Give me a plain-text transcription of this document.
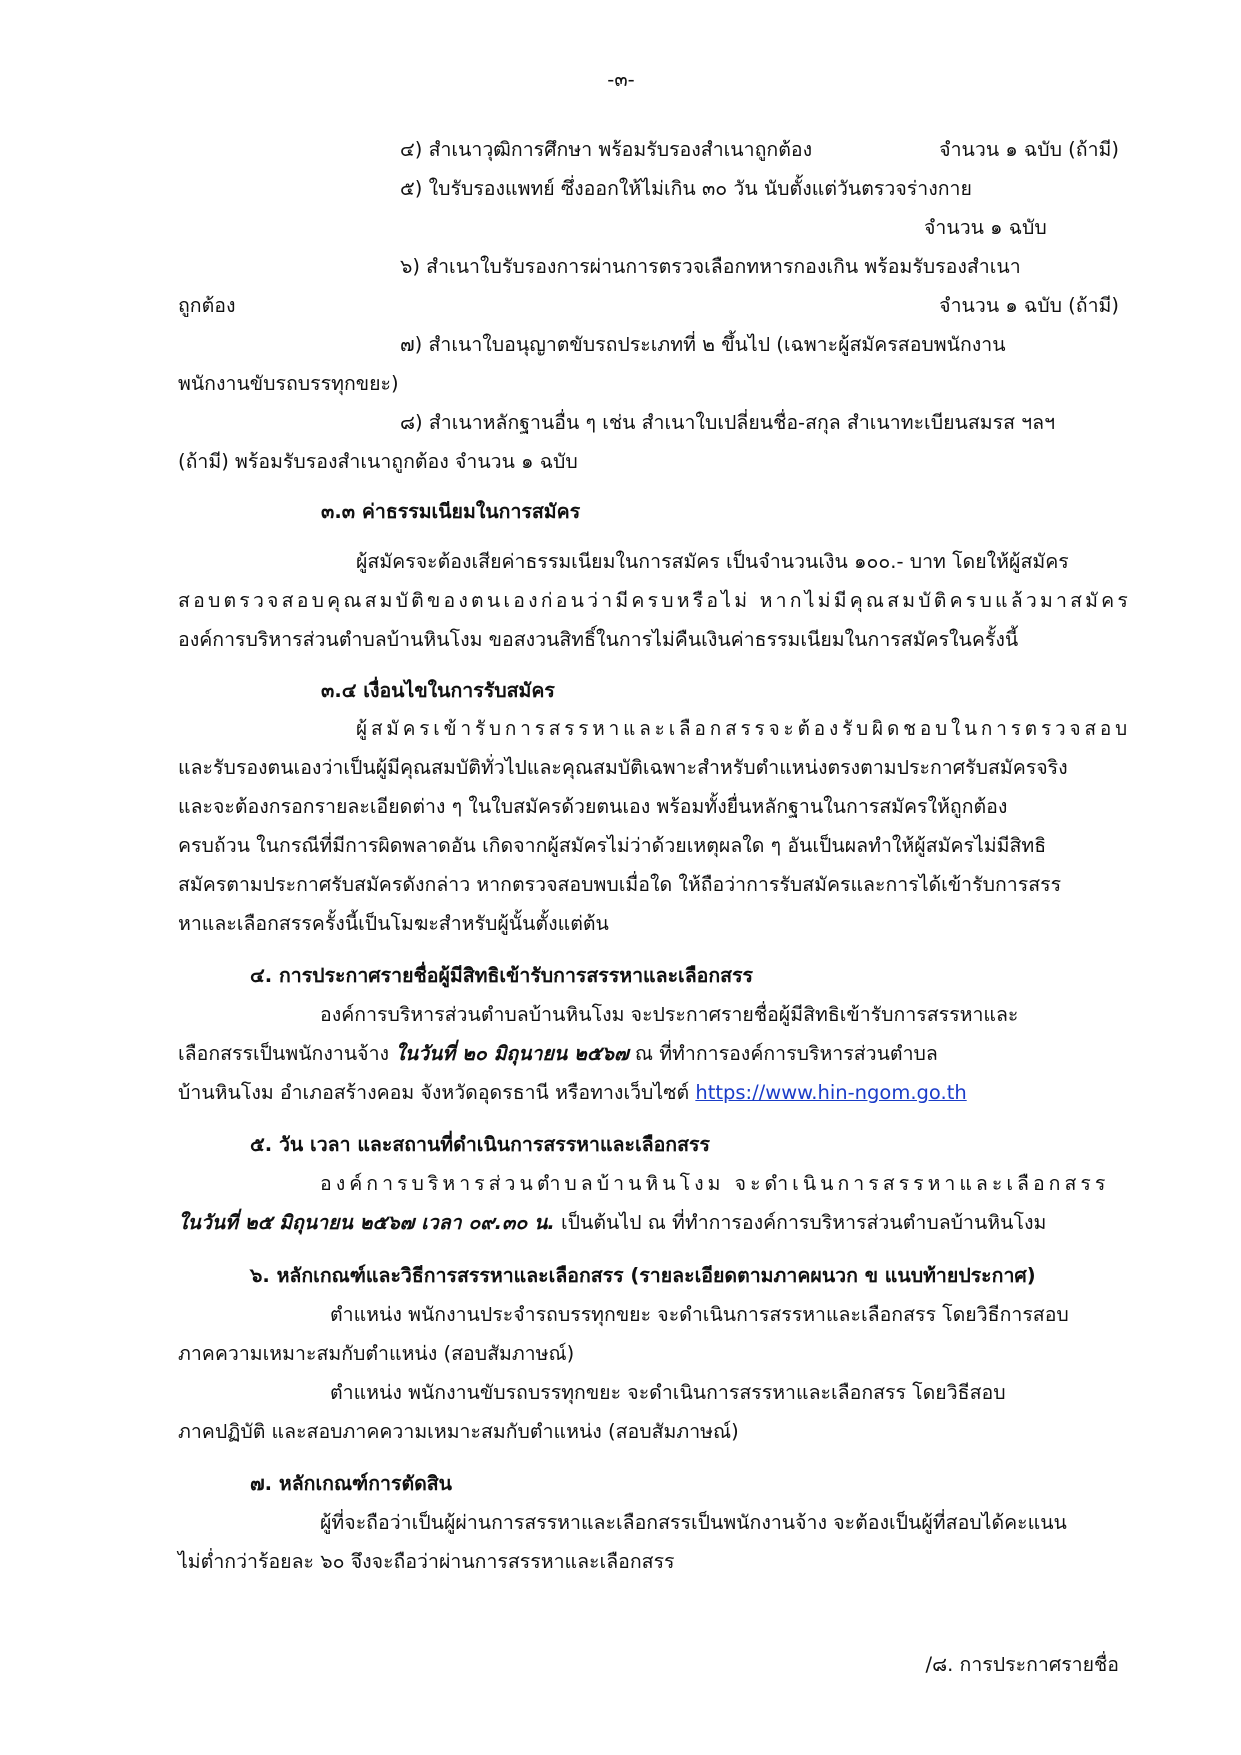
-๓-
๔) สำเนาวุฒิการศึกษา พร้อมรับรองสำเนาถูกต้อง	จำนวน ๑ ฉบับ (ถ้ามี)
๕) ใบรับรองแพทย์ ซึ่งออกให้ไม่เกิน ๓๐ วัน นับตั้งแต่วันตรวจร่างกาย
จำนวน ๑ ฉบับ
๖) สำเนาใบรับรองการผ่านการตรวจเลือกทหารกองเกิน พร้อมรับรองสำเนา
ถูกต้อง	จำนวน ๑ ฉบับ (ถ้ามี)
๗) สำเนาใบอนุญาตขับรถประเภทที่ ๒ ขึ้นไป (เฉพาะผู้สมัครสอบพนักงาน
พนักงานขับรถบรรทุกขยะ)
๘) สำเนาหลักฐานอื่น ๆ เช่น สำเนาใบเปลี่ยนชื่อ-สกุล สำเนาทะเบียนสมรส ฯลฯ
(ถ้ามี) พร้อมรับรองสำเนาถูกต้อง จำนวน ๑ ฉบับ
๓.๓ ค่าธรรมเนียมในการสมัคร
ผู้สมัครจะต้องเสียค่าธรรมเนียมในการสมัคร เป็นจำนวนเงิน ๑๐๐.- บาท โดยให้ผู้สมัคร
สอบตรวจสอบคุณสมบัติของตนเองก่อนว่ามีครบหรือไม่ หากไม่มีคุณสมบัติครบแล้วมาสมัคร
องค์การบริหารส่วนตำบลบ้านหินโงม ขอสงวนสิทธิ์ในการไม่คืนเงินค่าธรรมเนียมในการสมัครในครั้งนี้
๓.๔ เงื่อนไขในการรับสมัคร
ผู้สมัครเข้ารับการสรรหาและเลือกสรรจะต้องรับผิดชอบในการตรวจสอบ
และรับรองตนเองว่าเป็นผู้มีคุณสมบัติทั่วไปและคุณสมบัติเฉพาะสำหรับตำแหน่งตรงตามประกาศรับสมัครจริง
และจะต้องกรอกรายละเอียดต่าง ๆ ในใบสมัครด้วยตนเอง พร้อมทั้งยื่นหลักฐานในการสมัครให้ถูกต้อง
ครบถ้วน ในกรณีที่มีการผิดพลาดอัน เกิดจากผู้สมัครไม่ว่าด้วยเหตุผลใด ๆ อันเป็นผลทำให้ผู้สมัครไม่มีสิทธิ
สมัครตามประกาศรับสมัครดังกล่าว หากตรวจสอบพบเมื่อใด ให้ถือว่าการรับสมัครและการได้เข้ารับการสรร
หาและเลือกสรรครั้งนี้เป็นโมฆะสำหรับผู้นั้นตั้งแต่ต้น
๔. การประกาศรายชื่อผู้มีสิทธิเข้ารับการสรรหาและเลือกสรร
องค์การบริหารส่วนตำบลบ้านหินโงม จะประกาศรายชื่อผู้มีสิทธิเข้ารับการสรรหาและ
เลือกสรรเป็นพนักงานจ้าง ในวันที่ ๒๐ มิถุนายน ๒๕๖๗ ณ ที่ทำการองค์การบริหารส่วนตำบล
บ้านหินโงม อำเภอสร้างคอม จังหวัดอุดรธานี หรือทางเว็บไซต์ https://www.hin-ngom.go.th
๕. วัน เวลา และสถานที่ดำเนินการสรรหาและเลือกสรร
องค์การบริหารส่วนตำบลบ้านหินโงม จะดำเนินการสรรหาและเลือกสรร
ในวันที่ ๒๕ มิถุนายน ๒๕๖๗ เวลา ๐๙.๓๐ น. เป็นต้นไป ณ ที่ทำการองค์การบริหารส่วนตำบลบ้านหินโงม
๖. หลักเกณฑ์และวิธีการสรรหาและเลือกสรร (รายละเอียดตามภาคผนวก ข แนบท้ายประกาศ)
ตำแหน่ง พนักงานประจำรถบรรทุกขยะ จะดำเนินการสรรหาและเลือกสรร โดยวิธีการสอบ
ภาคความเหมาะสมกับตำแหน่ง (สอบสัมภาษณ์)
ตำแหน่ง พนักงานขับรถบรรทุกขยะ จะดำเนินการสรรหาและเลือกสรร โดยวิธีสอบ
ภาคปฏิบัติ และสอบภาคความเหมาะสมกับตำแหน่ง (สอบสัมภาษณ์)
๗. หลักเกณฑ์การตัดสิน
ผู้ที่จะถือว่าเป็นผู้ผ่านการสรรหาและเลือกสรรเป็นพนักงานจ้าง จะต้องเป็นผู้ที่สอบได้คะแนน
ไม่ต่ำกว่าร้อยละ ๖๐ จึงจะถือว่าผ่านการสรรหาและเลือกสรร
/๘. การประกาศรายชื่อ
